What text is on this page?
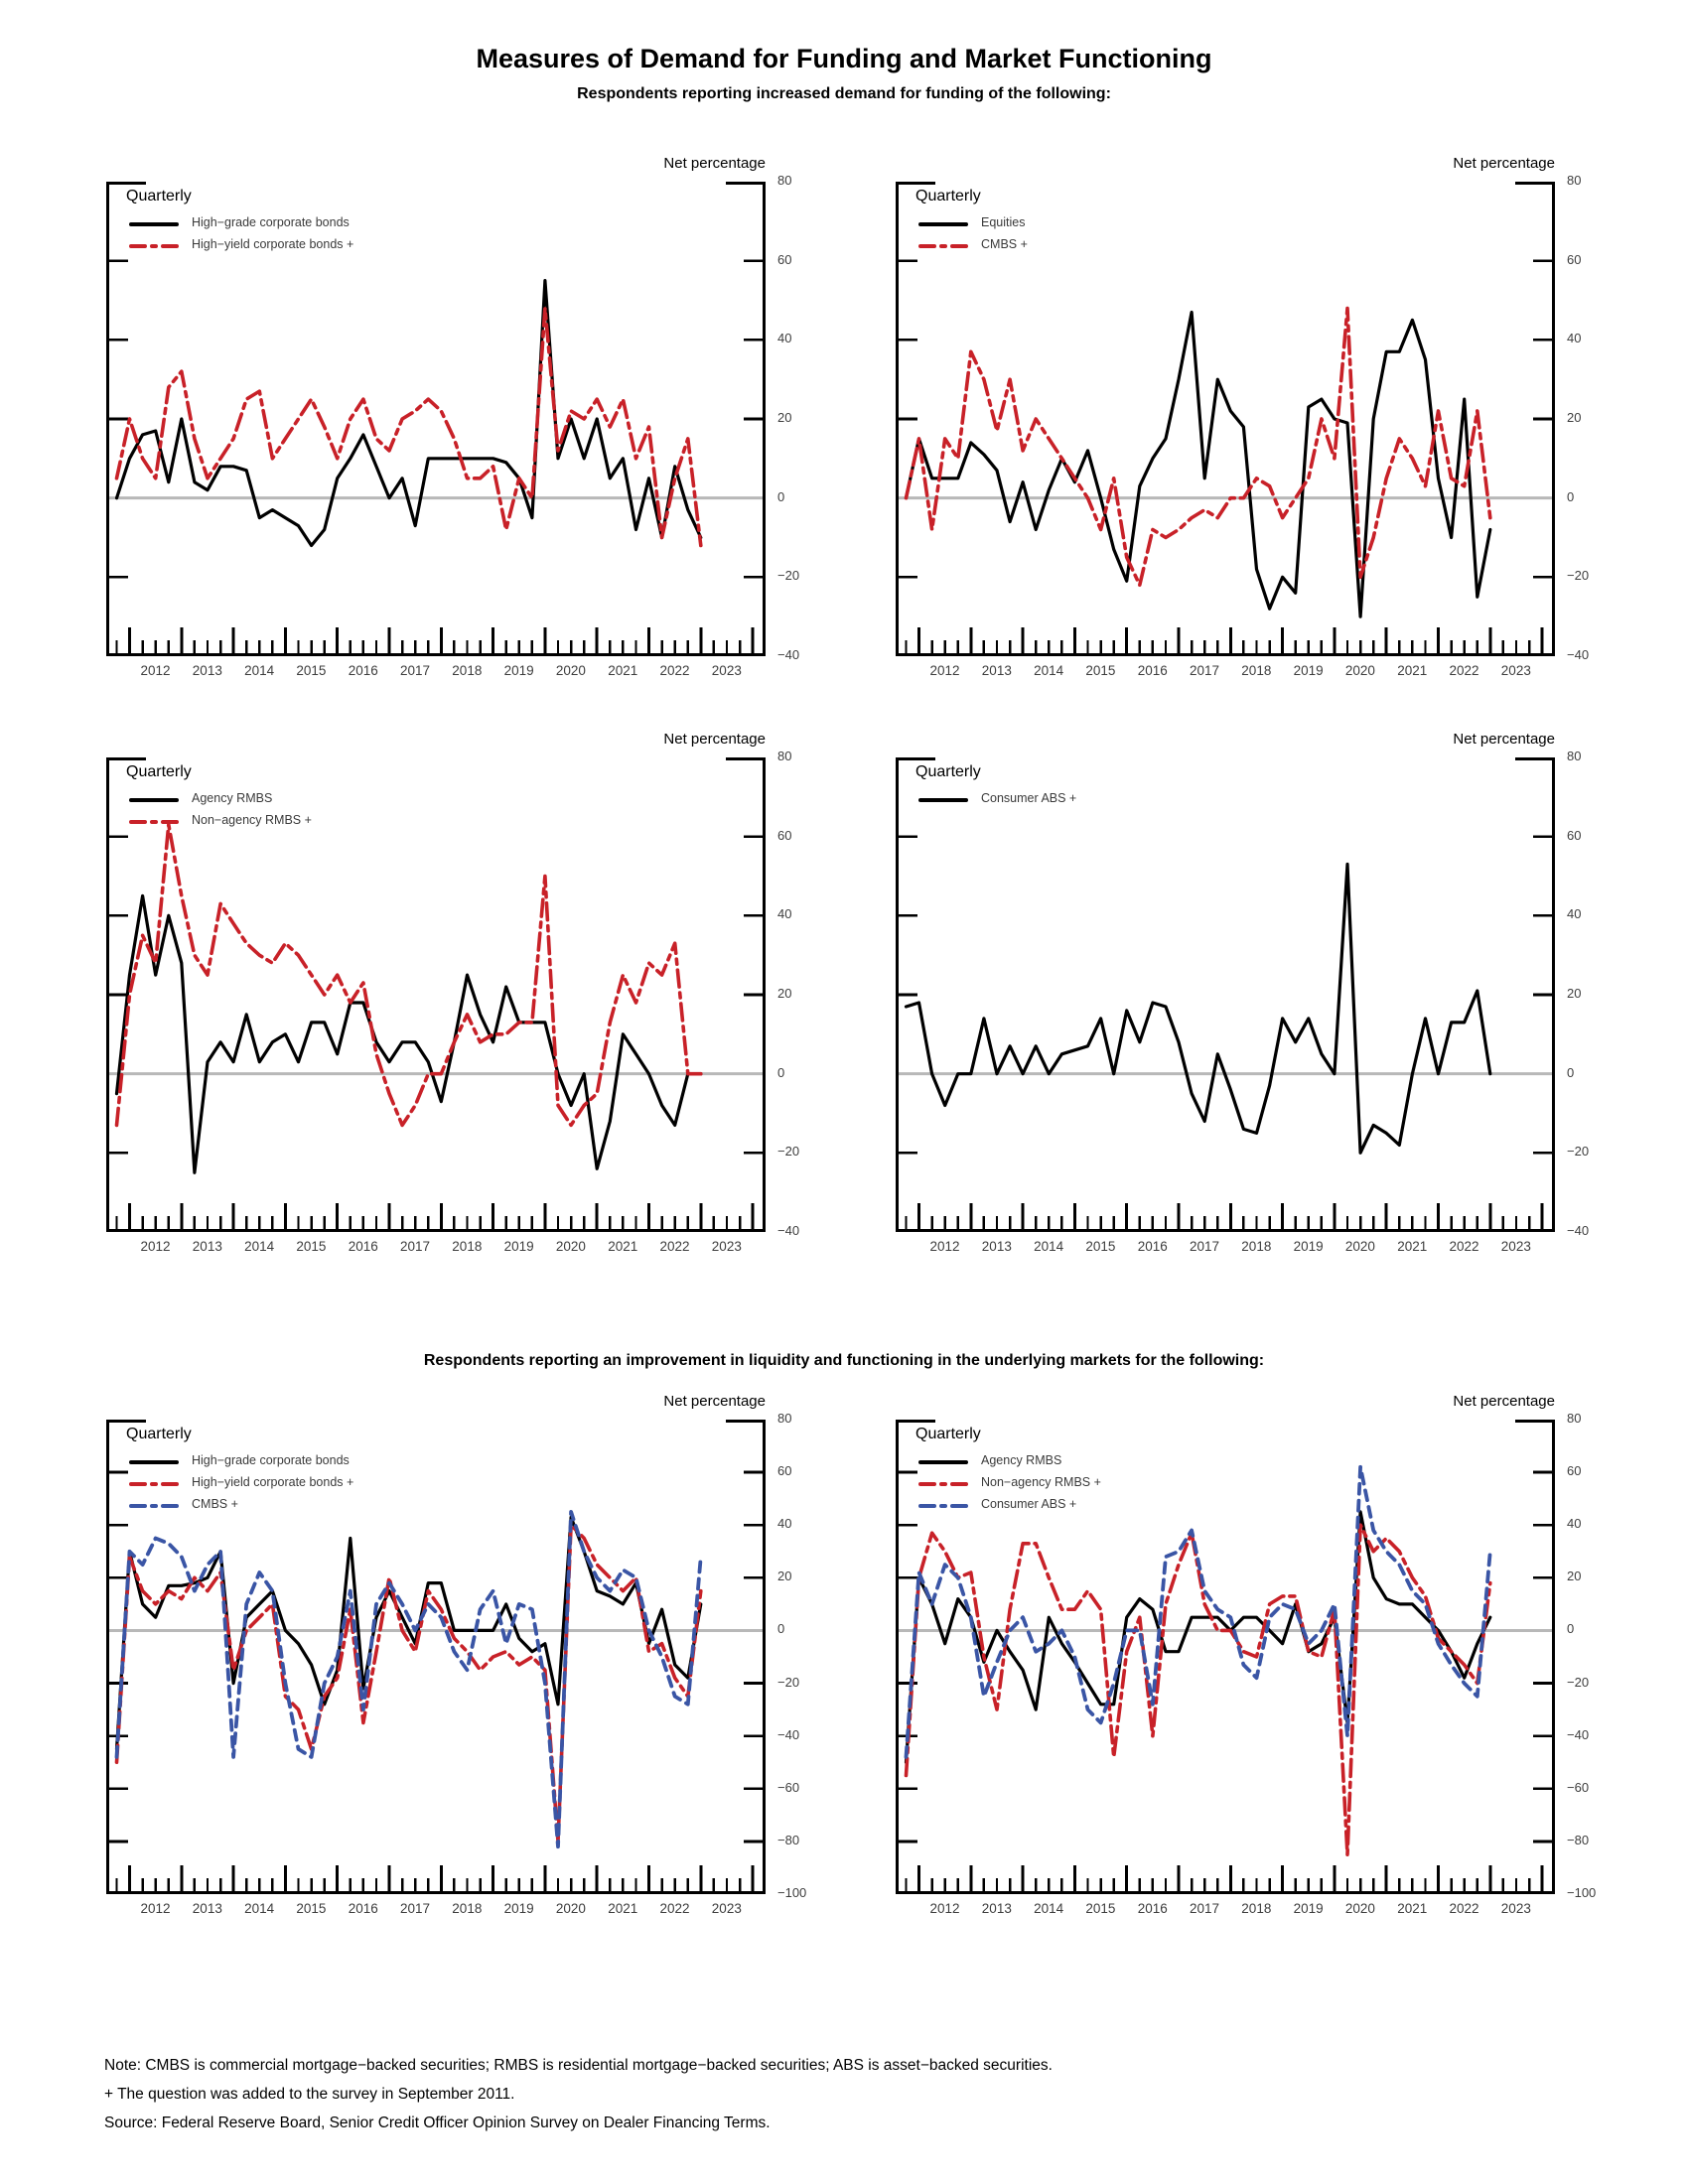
Measures of Demand for Funding and Market Functioning
Respondents reporting increased demand for funding of the following:
Respondents reporting an improvement in liquidity and functioning in the underlying markets for the following:
Note: CMBS is commercial mortgage−backed securities; RMBS is residential mortgage−backed securities; ABS is asset−backed securities.
+ The question was added to the survey in September 2011.
Source: Federal Reserve Board, Senior Credit Officer Opinion Survey on Dealer Financing Terms.
Net percentage
Quarterly
80
60
40
20
0
−20
−40
2012	2013	2014	2015	2016	2017	2018	2019	2020	2021	2022	2023
High−grade corporate bonds
High−yield corporate bonds +
Net percentage
Quarterly
80
60
40
20
0
−20
−40
2012	2013	2014	2015	2016	2017	2018	2019	2020	2021	2022	2023
Equities
CMBS +
Net percentage
Quarterly
80
60
40
20
0
−20
−40
2012	2013	2014	2015	2016	2017	2018	2019	2020	2021	2022	2023
Agency RMBS
Non−agency RMBS +
Net percentage
Quarterly
80
60
40
20
0
−20
−40
2012	2013	2014	2015	2016	2017	2018	2019	2020	2021	2022	2023
Consumer ABS +
Net percentage
Quarterly
80
60
40
20
0
−20
−40
−60
−80
−100
2012	2013	2014	2015	2016	2017	2018	2019	2020	2021	2022	2023
High−grade corporate bonds
High−yield corporate bonds +
CMBS +
Net percentage
Quarterly
80
60
40
20
0
−20
−40
−60
−80
−100
2012	2013	2014	2015	2016	2017	2018	2019	2020	2021	2022	2023
Agency RMBS
Non−agency RMBS +
Consumer ABS +
